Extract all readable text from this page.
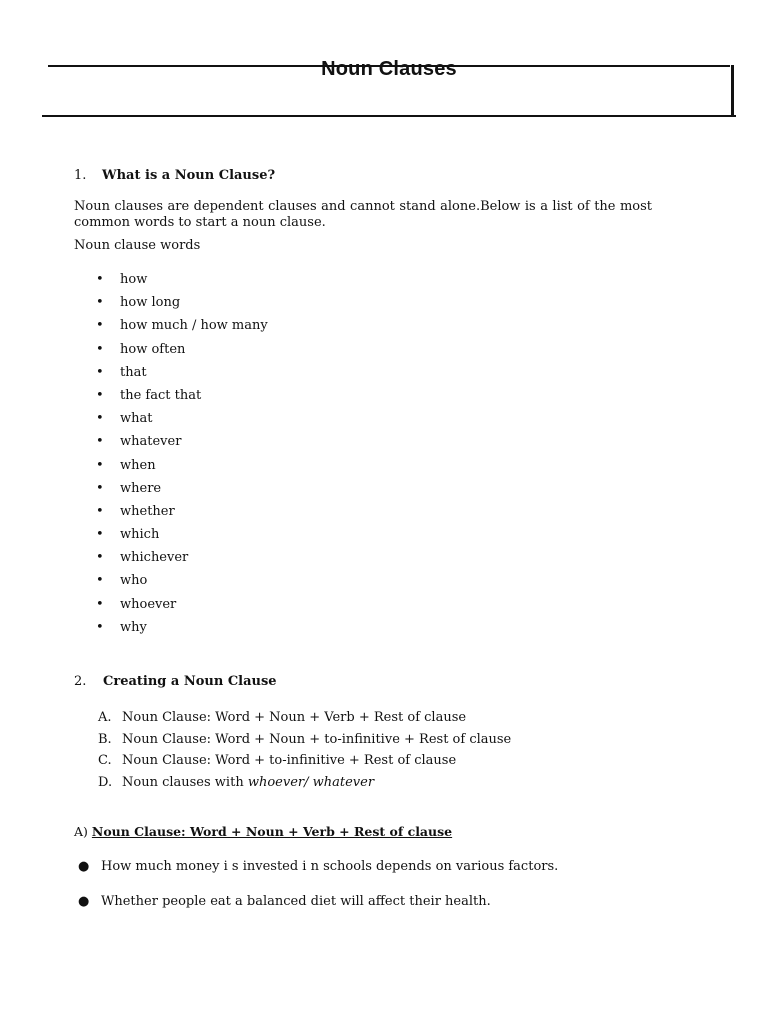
Noun Clauses
1. What is a Noun Clause?
Noun clauses are dependent clauses and cannot stand alone.Below is a list of the most common words to start a noun clause.
Noun clause words
• how
• how long
• how much / how many
• how often
• that
• the fact that
• what
• whatever
• when
• where
• whether
• which
• whichever
• who
• whoever
• why
2. Creating a Noun Clause
A. Noun Clause: Word + Noun + Verb + Rest of clause
B. Noun Clause: Word + Noun + to-infinitive + Rest of clause
C. Noun Clause: Word + to-infinitive + Rest of clause
D. Noun clauses with whoever/ whatever
A) Noun Clause: Word + Noun + Verb + Rest of clause
● How much money i s invested i n schools depends on various factors.
● Whether people eat a balanced diet will affect their health.
